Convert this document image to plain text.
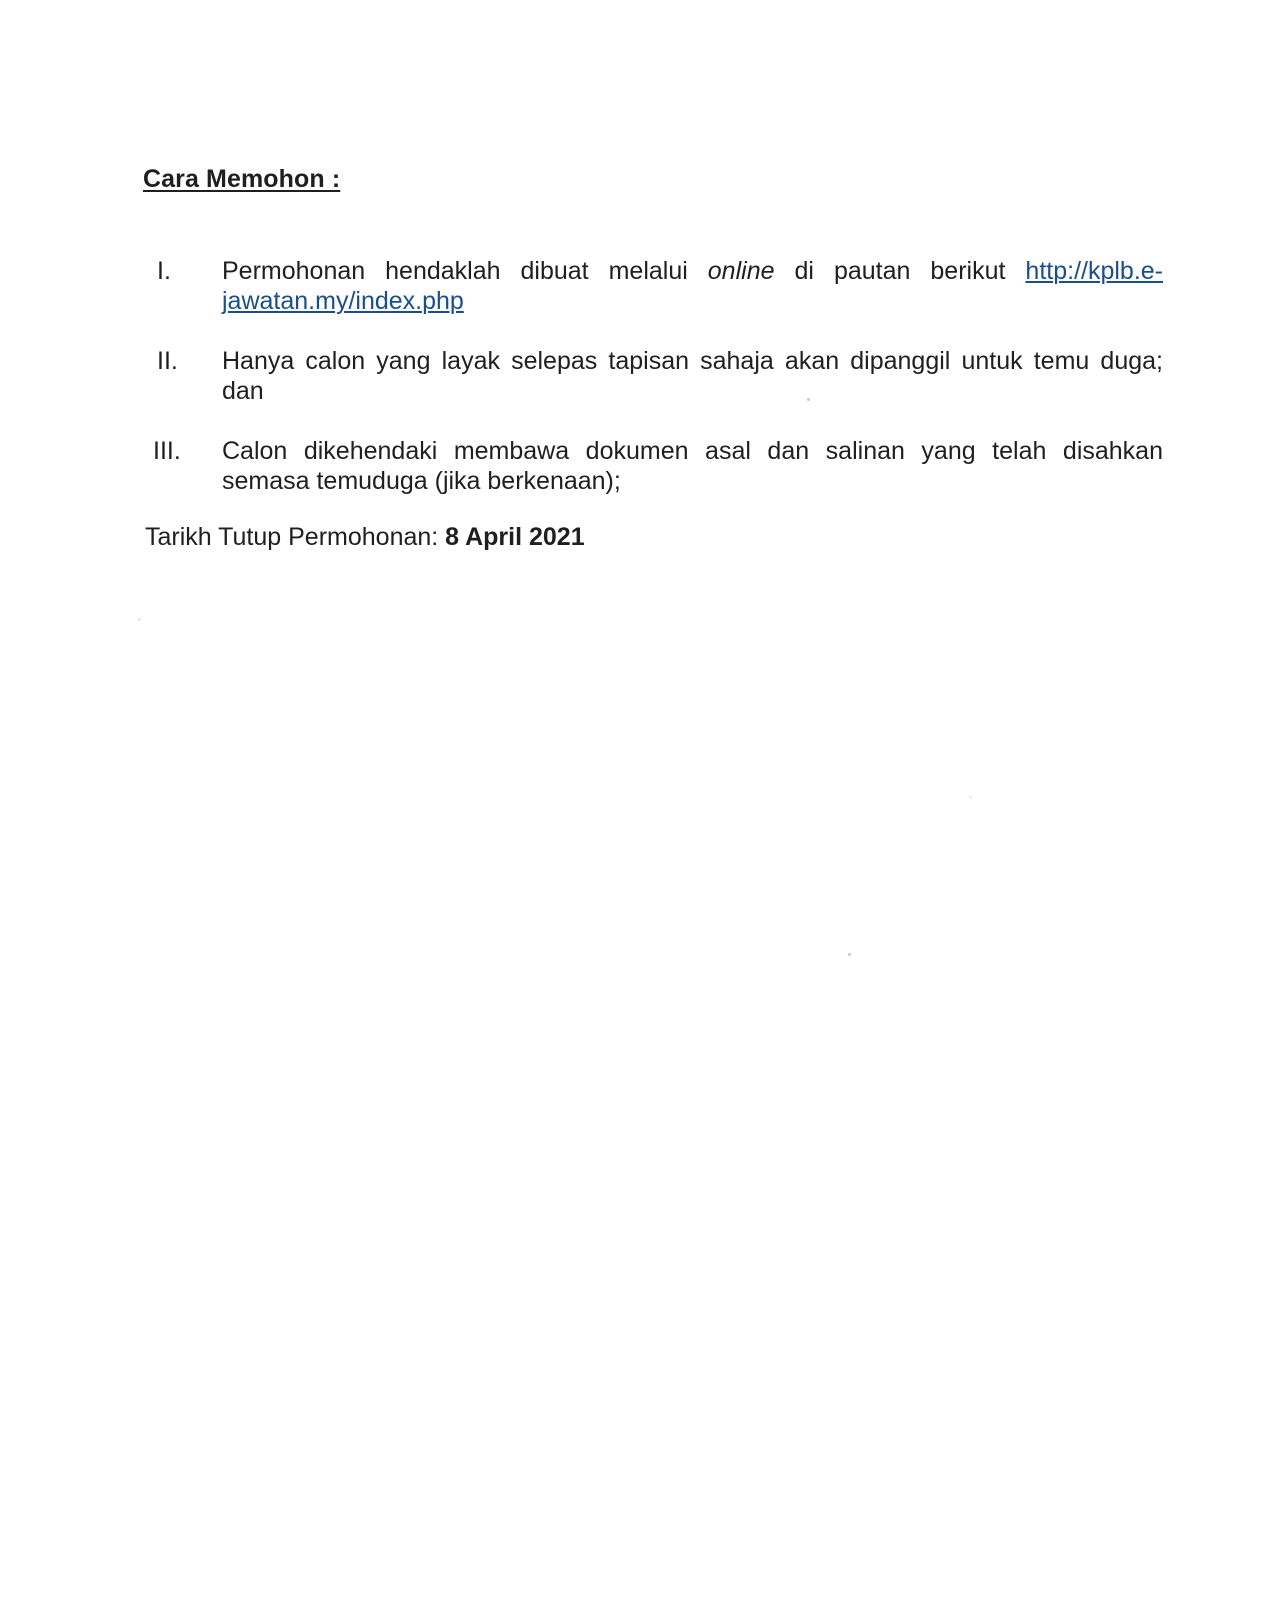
Cara Memohon :
I. Permohonan hendaklah dibuat melalui online di pautan berikut http://kplb.e-jawatan.my/index.php
II. Hanya calon yang layak selepas tapisan sahaja akan dipanggil untuk temu duga; dan
III. Calon dikehendaki membawa dokumen asal dan salinan yang telah disahkan semasa temuduga (jika berkenaan);
Tarikh Tutup Permohonan: 8 April 2021
